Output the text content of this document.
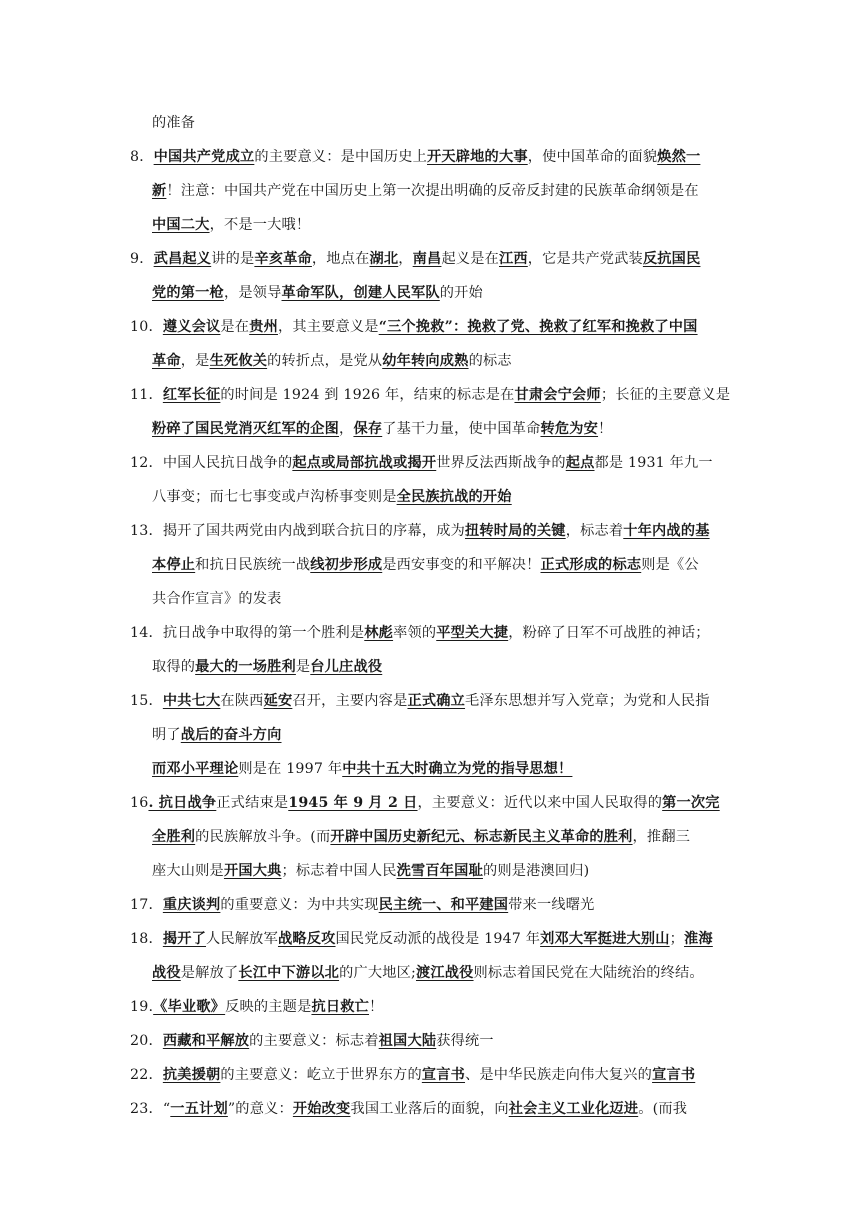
的准备
8．中国共产党成立的主要意义：是中国历史上开天辟地的大事，使中国革命的面貌焕然一
新！注意：中国共产党在中国历史上第一次提出明确的反帝反封建的民族革命纲领是在
中国二大，不是一大哦！
9．武昌起义讲的是辛亥革命，地点在湖北，南昌起义是在江西，它是共产党武装反抗国民
党的第一枪，是领导革命军队，创建人民军队的开始
10．遵义会议是在贵州，其主要意义是“三个挽救”：挽救了党、挽救了红军和挽救了中国
革命，是生死攸关的转折点，是党从幼年转向成熟的标志
11．红军长征的时间是 1924 到 1926 年，结束的标志是在甘肃会宁会师；长征的主要意义是
粉碎了国民党消灭红军的企图，保存了基干力量，使中国革命转危为安！
12．中国人民抗日战争的起点或局部抗战或揭开世界反法西斯战争的起点都是 1931 年九一
八事变；而七七事变或卢沟桥事变则是全民族抗战的开始
13．揭开了国共两党由内战到联合抗日的序幕，成为扭转时局的关键，标志着十年内战的基
本停止和抗日民族统一战线初步形成是西安事变的和平解决！正式形成的标志则是《公
共合作宣言》的发表
14．抗日战争中取得的第一个胜利是林彪率领的平型关大捷，粉碎了日军不可战胜的神话；
取得的最大的一场胜利是台儿庄战役
15．中共七大在陕西延安召开，主要内容是正式确立毛泽东思想并写入党章；为党和人民指
明了战后的奋斗方向
而邓小平理论则是在 1997 年中共十五大时确立为党的指导思想！
16. 抗日战争正式结束是1945 年 9 月 2 日，主要意义：近代以来中国人民取得的第一次完
全胜利的民族解放斗争。(而开辟中国历史新纪元、标志新民主义革命的胜利，推翻三
座大山则是开国大典；标志着中国人民洗雪百年国耻的则是港澳回归)
17．重庆谈判的重要意义：为中共实现民主统一、和平建国带来一线曙光
18．揭开了人民解放军战略反攻国民党反动派的战役是 1947 年刘邓大军挺进大别山；淮海
战役是解放了长江中下游以北的广大地区;渡江战役则标志着国民党在大陆统治的终结。
19.《毕业歌》反映的主题是抗日救亡！
20．西藏和平解放的主要意义：标志着祖国大陆获得统一
22．抗美援朝的主要意义：屹立于世界东方的宣言书、是中华民族走向伟大复兴的宣言书
23．“一五计划”的意义：开始改变我国工业落后的面貌，向社会主义工业化迈进。(而我
